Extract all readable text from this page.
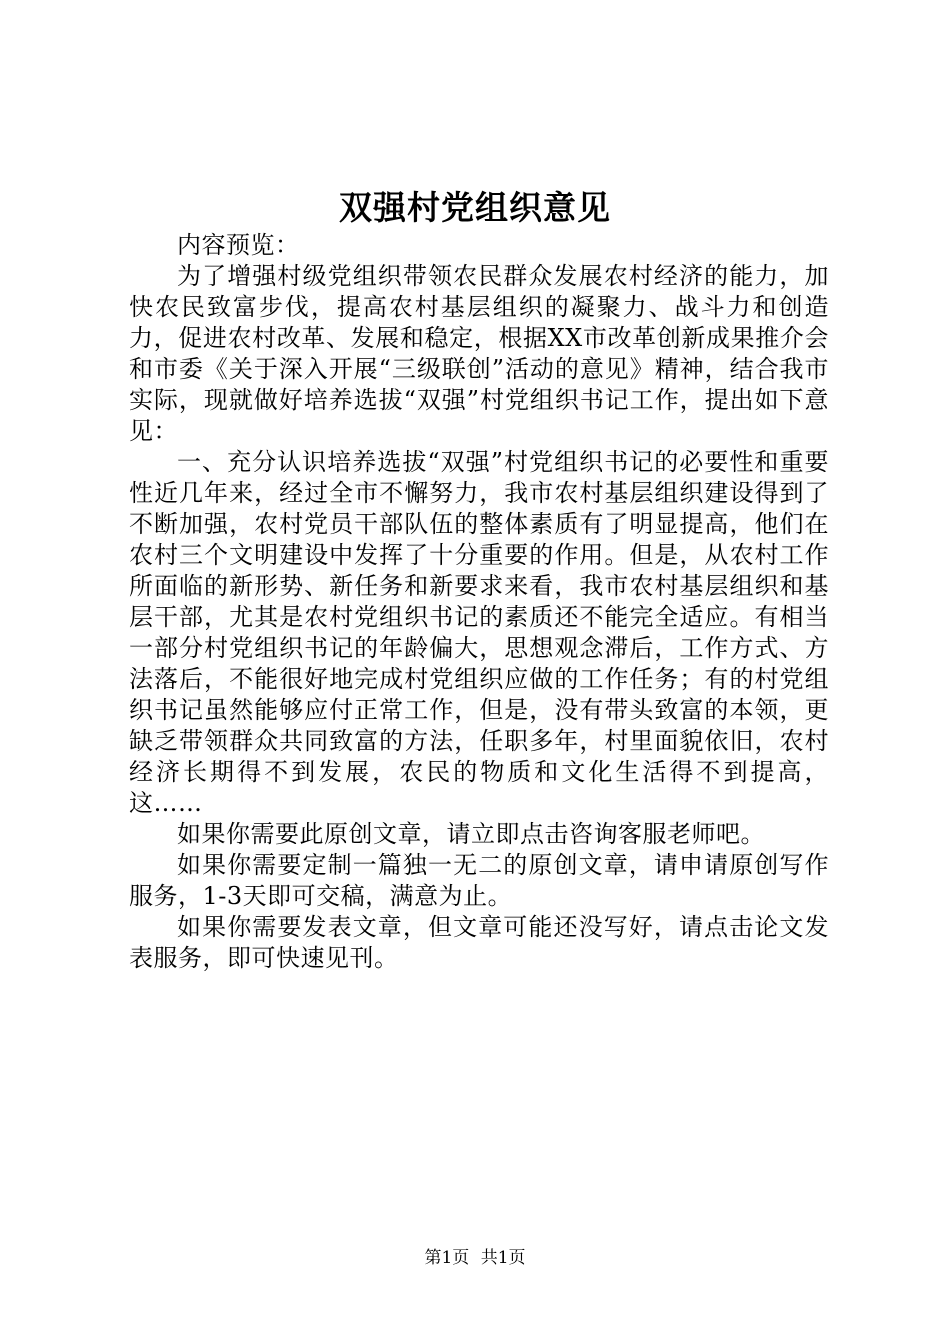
双强村党组织意见

内容预览：

为了增强村级党组织带领农民群众发展农村经济的能力，加快农民致富步伐，提高农村基层组织的凝聚力、战斗力和创造力，促进农村改革、发展和稳定，根据XX市改革创新成果推介会和市委《关于深入开展“三级联创”活动的意见》精神，结合我市实际，现就做好培养选拔“双强”村党组织书记工作，提出如下意见：

一、充分认识培养选拔“双强”村党组织书记的必要性和重要性近几年来，经过全市不懈努力，我市农村基层组织建设得到了不断加强，农村党员干部队伍的整体素质有了明显提高，他们在农村三个文明建设中发挥了十分重要的作用。但是，从农村工作所面临的新形势、新任务和新要求来看，我市农村基层组织和基层干部，尤其是农村党组织书记的素质还不能完全适应。有相当一部分村党组织书记的年龄偏大，思想观念滞后，工作方式、方法落后，不能很好地完成村党组织应做的工作任务；有的村党组织书记虽然能够应付正常工作，但是，没有带头致富的本领，更缺乏带领群众共同致富的方法，任职多年，村里面貌依旧，农村经济长期得不到发展，农民的物质和文化生活得不到提高，这……

如果你需要此原创文章，请立即点击咨询客服老师吧。

如果你需要定制一篇独一无二的原创文章，请申请原创写作服务，1-3天即可交稿，满意为止。

如果你需要发表文章，但文章可能还没写好，请点击论文发表服务，即可快速见刊。

第1页 共1页
